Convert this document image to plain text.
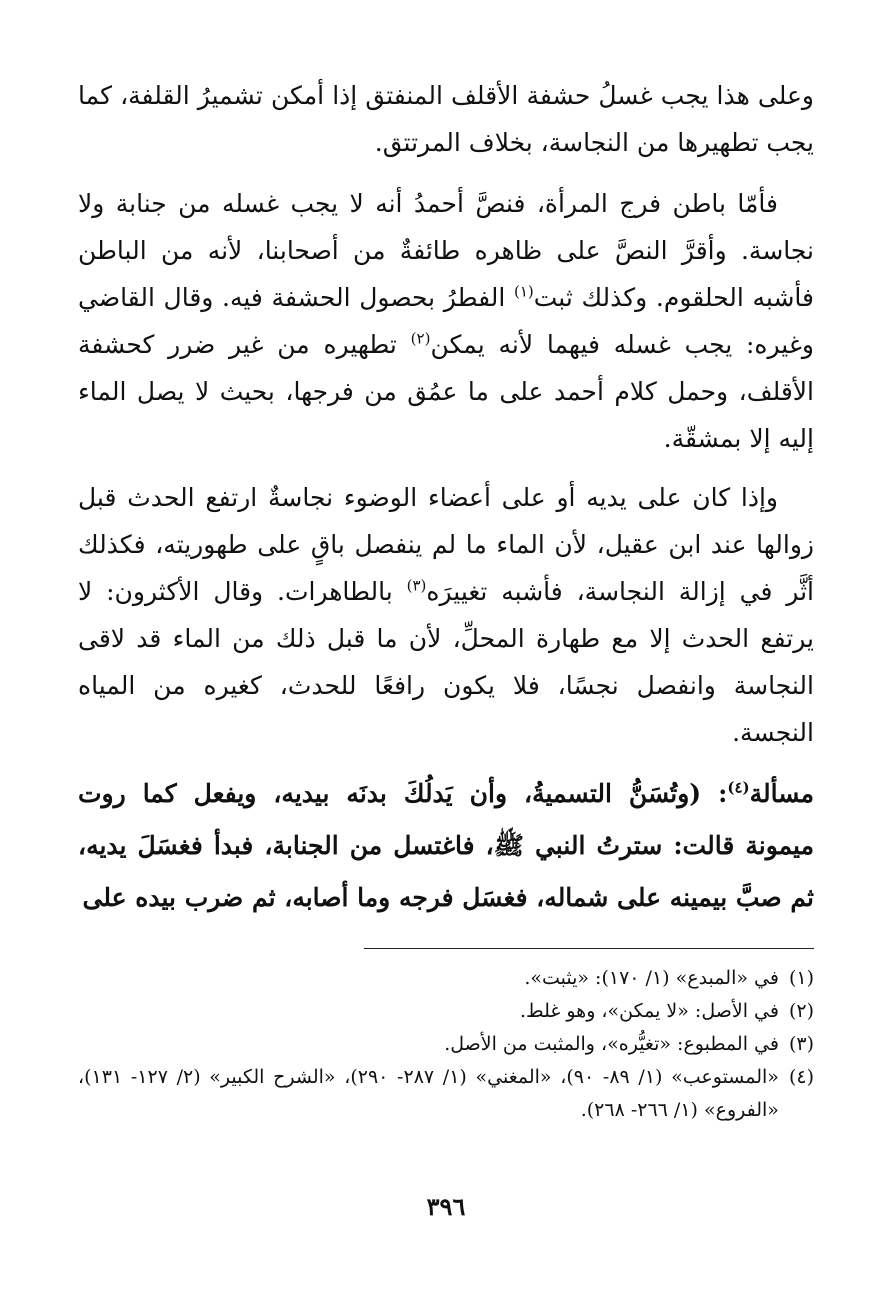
وعلى هذا يجب غسلُ حشفة الأقلف المنفتق إذا أمكن تشميرُ القلفة، كما يجب تطهيرها من النجاسة، بخلاف المرتتق.

فأمّا باطن فرج المرأة، فنصَّ أحمدُ أنه لا يجب غسله من جنابة ولا نجاسة. وأقرَّ النصَّ على ظاهره طائفةٌ من أصحابنا، لأنه من الباطن فأشبه الحلقوم. وكذلك ثبت$^{(١)}$ الفطرُ بحصول الحشفة فيه. وقال القاضي وغيره: يجب غسله فيهما لأنه يمكن$^{(٢)}$ تطهيره من غير ضرر كحشفة الأقلف، وحمل كلام أحمد على ما عمُق من فرجها، بحيث لا يصل الماء إليه إلا بمشقّة.

وإذا كان على يديه أو على أعضاء الوضوء نجاسةٌ ارتفع الحدث قبل زوالها عند ابن عقيل، لأن الماء ما لم ينفصل باقٍ على طهوريته، فكذلك أثَّر في إزالة النجاسة، فأشبه تغييرَه$^{(٣)}$ بالطاهرات. وقال الأكثرون: لا يرتفع الحدث إلا مع طهارة المحلِّ، لأن ما قبل ذلك من الماء قد لاقى النجاسة وانفصل نجسًا، فلا يكون رافعًا للحدث، كغيره من المياه النجسة.

مسألة$^{(٤)}$: (وتُسَنُّ التسميةُ، وأن يَدلُكَ بدنَه بيديه، ويفعل كما روت ميمونة قالت: سترتُ النبي ﷺ، فاغتسل من الجنابة، فبدأ فغسَلَ يديه، ثم صبَّ بيمينه على شماله، فغسَل فرجه وما أصابه، ثم ضرب بيده على

(١)
في «المبدع» (١/ ١٧٠): «يثبت».
(٢)
في الأصل: «لا يمكن»، وهو غلط.
(٣)
في المطبوع: «تغيُّره»، والمثبت من الأصل.
(٤)
«المستوعب» (١/ ٨٩- ٩٠)، «المغني» (١/ ٢٨٧- ٢٩٠)، «الشرح الكبير» (٢/ ١٢٧- ١٣١)، «الفروع» (١/ ٢٦٦- ٢٦٨).
٣٩٦
